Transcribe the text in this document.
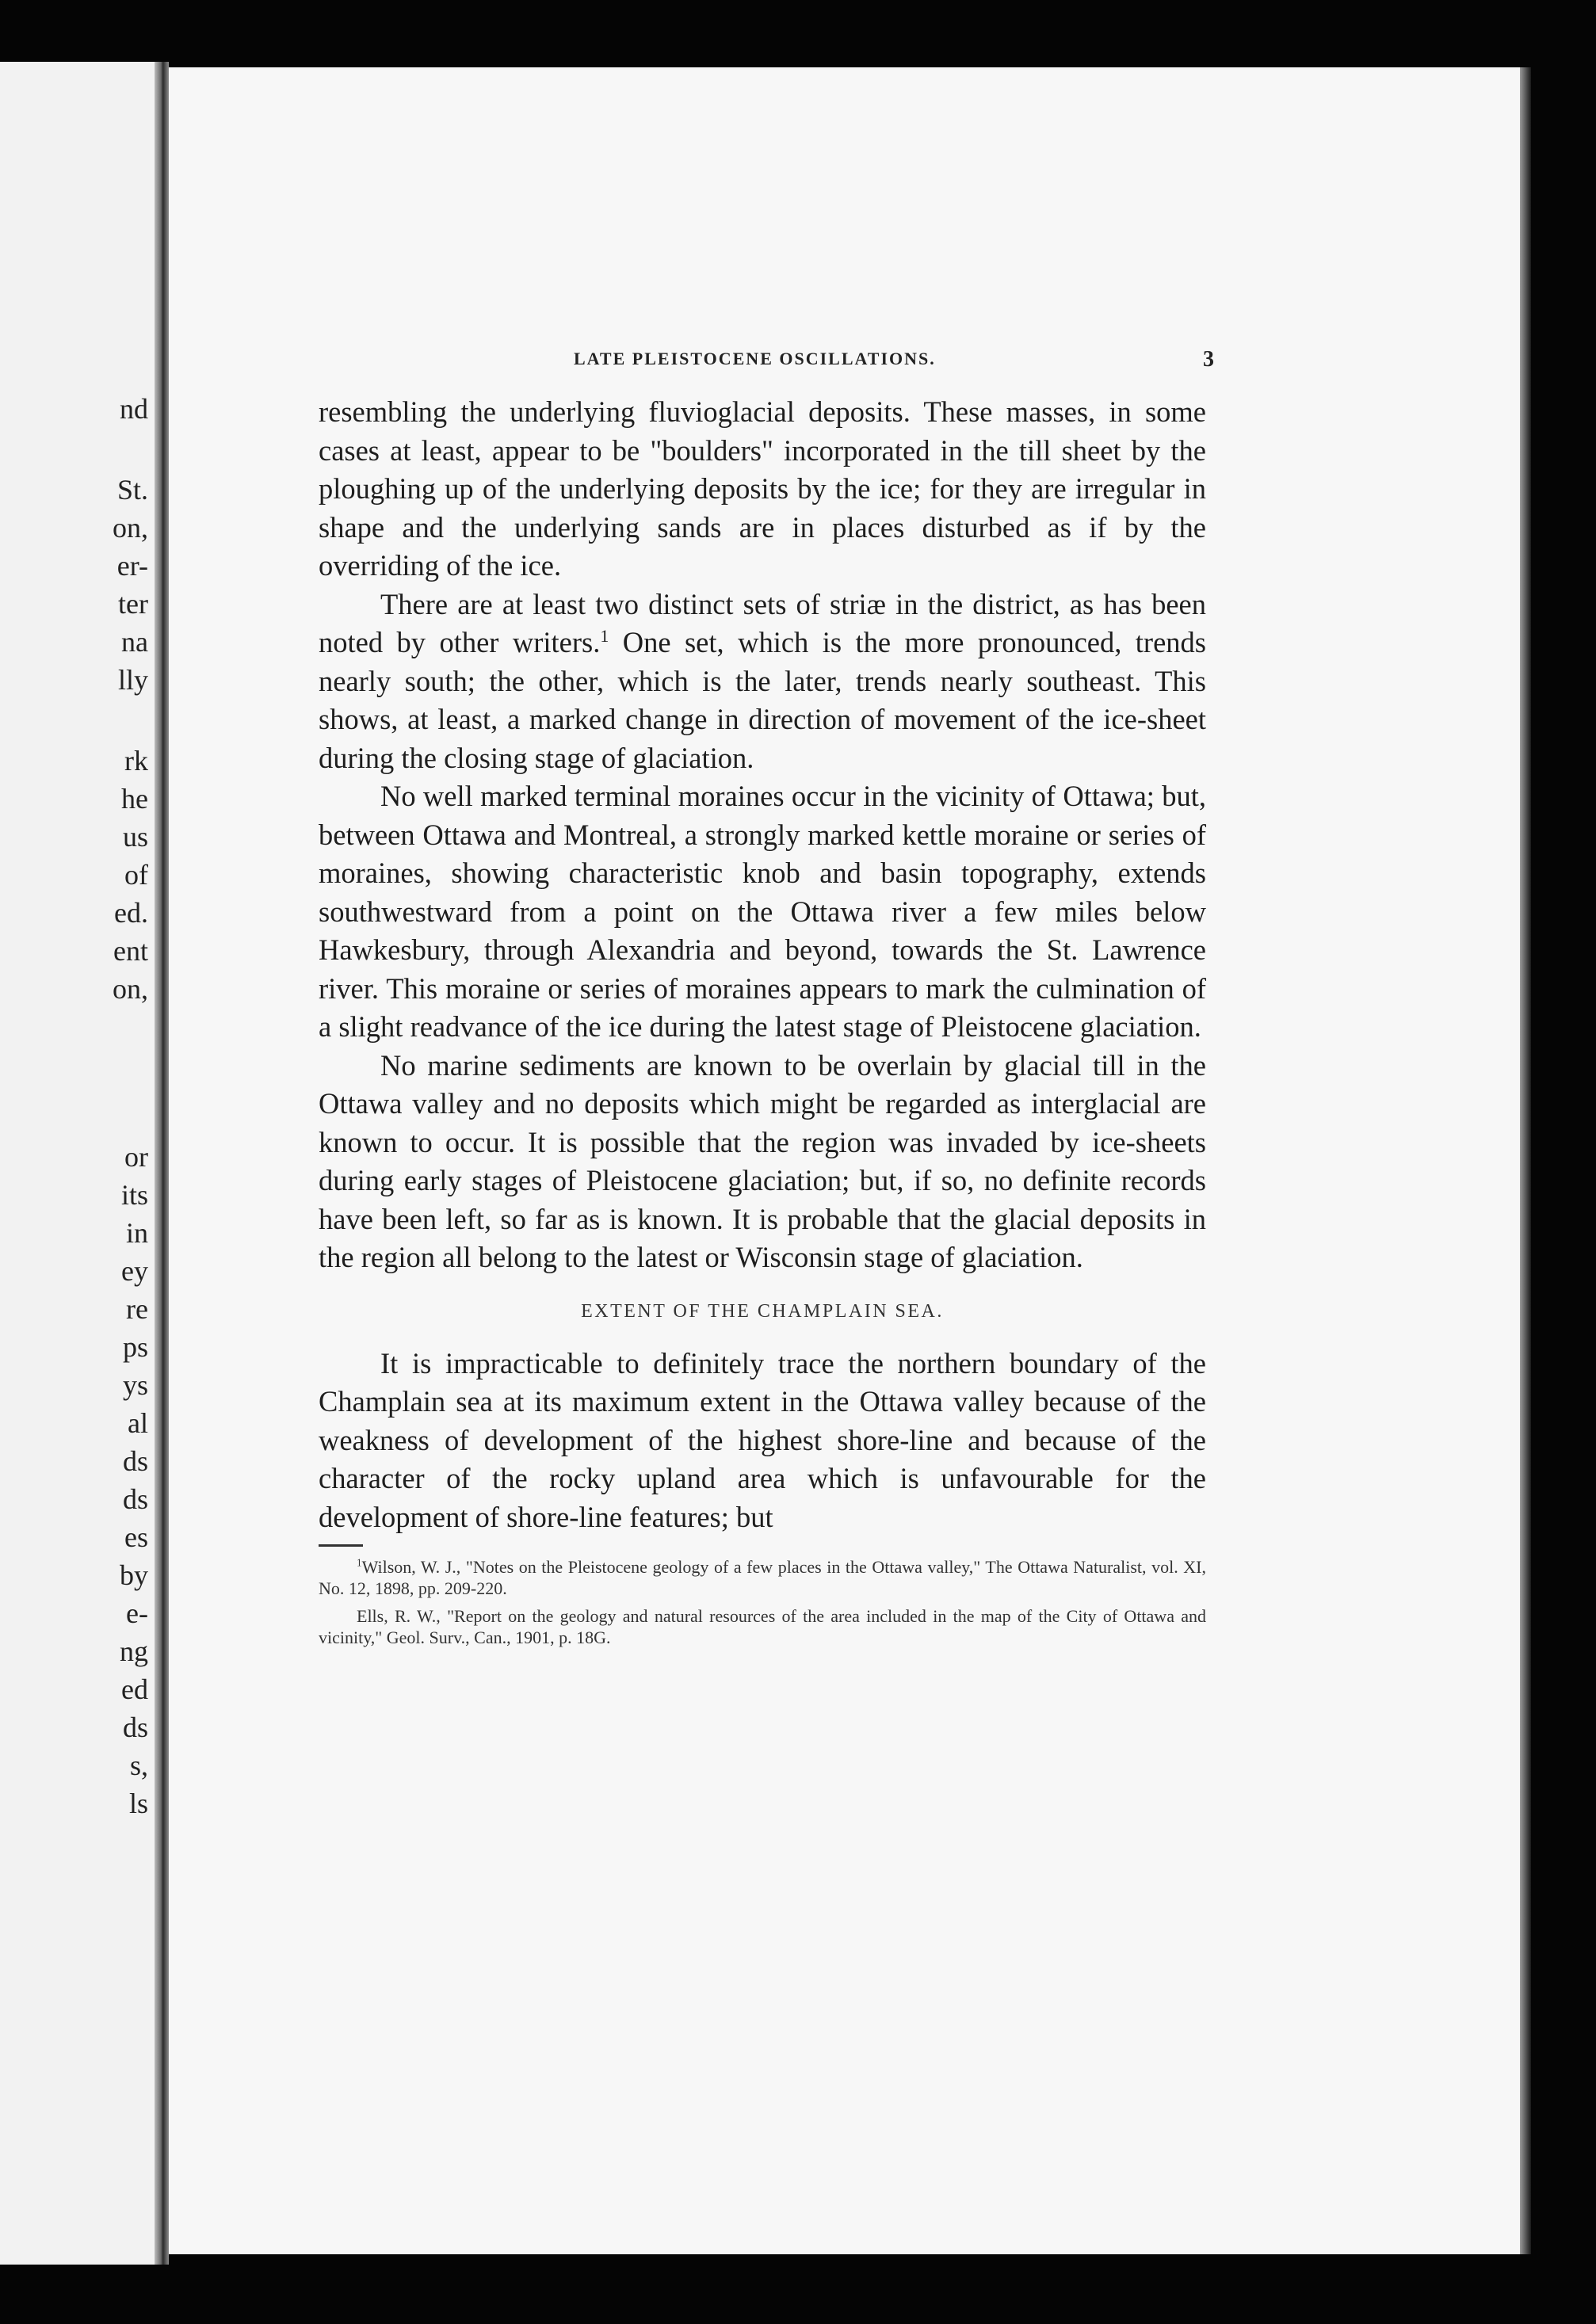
nd
St.
on,
er-
ter
na
lly
rk
he
us
of
ed.
ent
on,
or
its
in
ey
re
ps
ys
al
ds
ds
es
by
e-
ng
ed
ds
s,
ls
LATE PLEISTOCENE OSCILLATIONS.	3

resembling the underlying fluvioglacial deposits. These masses, in some cases at least, appear to be "boulders" incorporated in the till sheet by the ploughing up of the underlying deposits by the ice; for they are irregular in shape and the underlying sands are in places disturbed as if by the overriding of the ice.

There are at least two distinct sets of striæ in the district, as has been noted by other writers.$^1$ One set, which is the more pronounced, trends nearly south; the other, which is the later, trends nearly southeast. This shows, at least, a marked change in direction of movement of the ice-sheet during the closing stage of glaciation.

No well marked terminal moraines occur in the vicinity of Ottawa; but, between Ottawa and Montreal, a strongly marked kettle moraine or series of moraines, showing characteristic knob and basin topography, extends southwestward from a point on the Ottawa river a few miles below Hawkesbury, through Alexandria and beyond, towards the St. Lawrence river. This moraine or series of moraines appears to mark the culmination of a slight readvance of the ice during the latest stage of Pleistocene glaciation.

No marine sediments are known to be overlain by glacial till in the Ottawa valley and no deposits which might be regarded as interglacial are known to occur. It is possible that the region was invaded by ice-sheets during early stages of Pleistocene glaciation; but, if so, no definite records have been left, so far as is known. It is probable that the glacial deposits in the region all belong to the latest or Wisconsin stage of glaciation.

EXTENT OF THE CHAMPLAIN SEA.

It is impracticable to definitely trace the northern boundary of the Champlain sea at its maximum extent in the Ottawa valley because of the weakness of development of the highest shore-line and because of the character of the rocky upland area which is unfavourable for the development of shore-line features; but

$^1$Wilson, W. J., "Notes on the Pleistocene geology of a few places in the Ottawa valley," The Ottawa Naturalist, vol. XI, No. 12, 1898, pp. 209-220.

Ells, R. W., "Report on the geology and natural resources of the area included in the map of the City of Ottawa and vicinity," Geol. Surv., Can., 1901, p. 18G.
